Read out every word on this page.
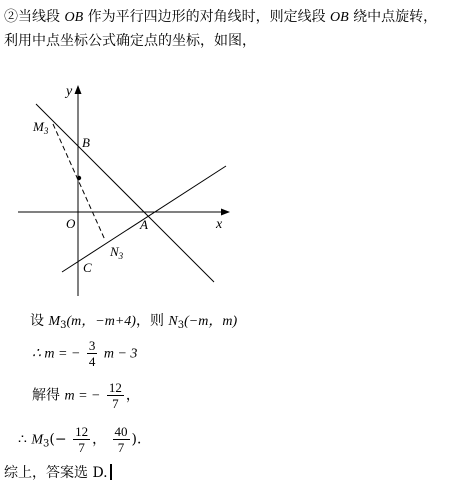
②当线段 OB 作为平行四边形的对角线时，则定线段 OB 绕中点旋转，
利用中点坐标公式确定点的坐标，如图，
y
x
O	A
B
C
$M_3$
$N_3$
设 $M_3(m$，−m+4)，则 $N_3(-m$，m)
∴ m = − $\frac{3}{4}$ m − 3
解得 m = − $\frac{12}{7}$ ，
∴ $M_3(- \frac{12}{7}$ ， $\frac{40}{7}$ )．
综上，答案选 D.
